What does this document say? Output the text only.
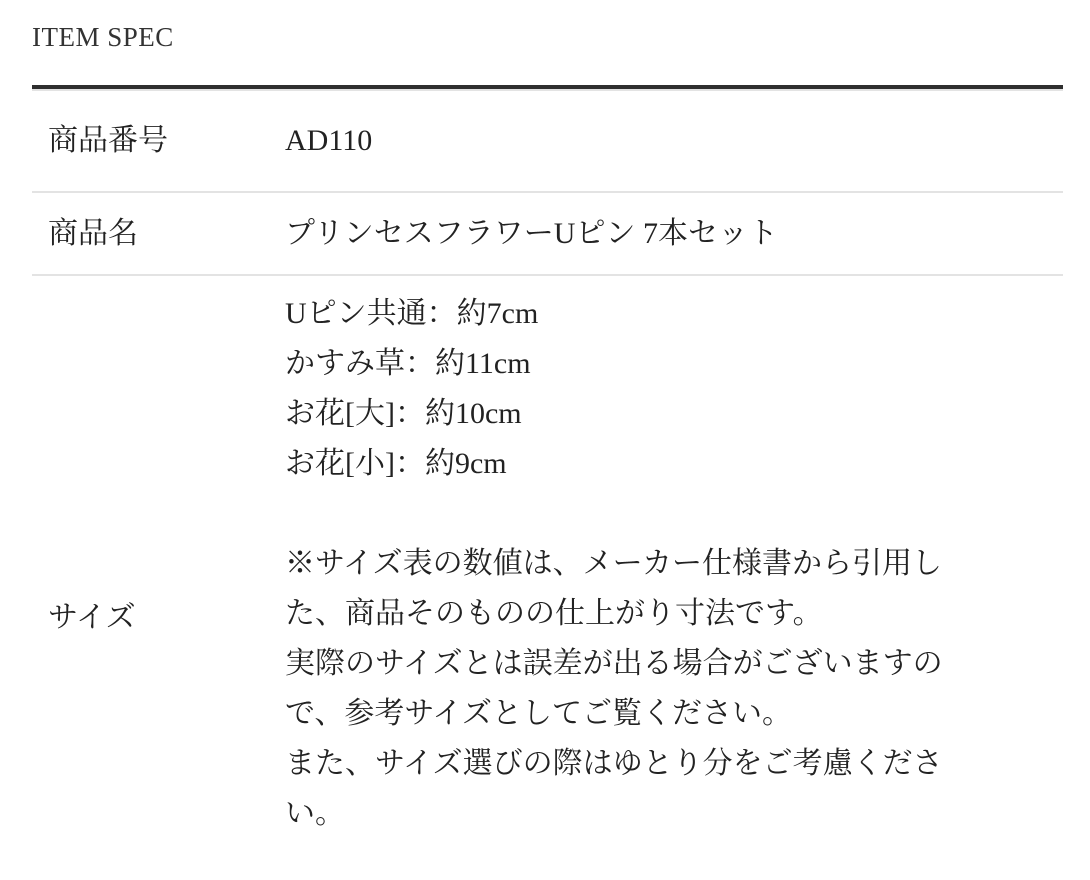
ITEM SPEC
商品番号	AD110
商品名	プリンセスフラワーUピン 7本セット
サイズ
Uピン共通：約7cm
かすみ草：約11cm
お花[大]：約10cm
お花[小]：約9cm
※サイズ表の数値は、メーカー仕様書から引用し
た、商品そのものの仕上がり寸法です。
実際のサイズとは誤差が出る場合がございますの
で、参考サイズとしてご覧ください。
また、サイズ選びの際はゆとり分をご考慮くださ
い。
